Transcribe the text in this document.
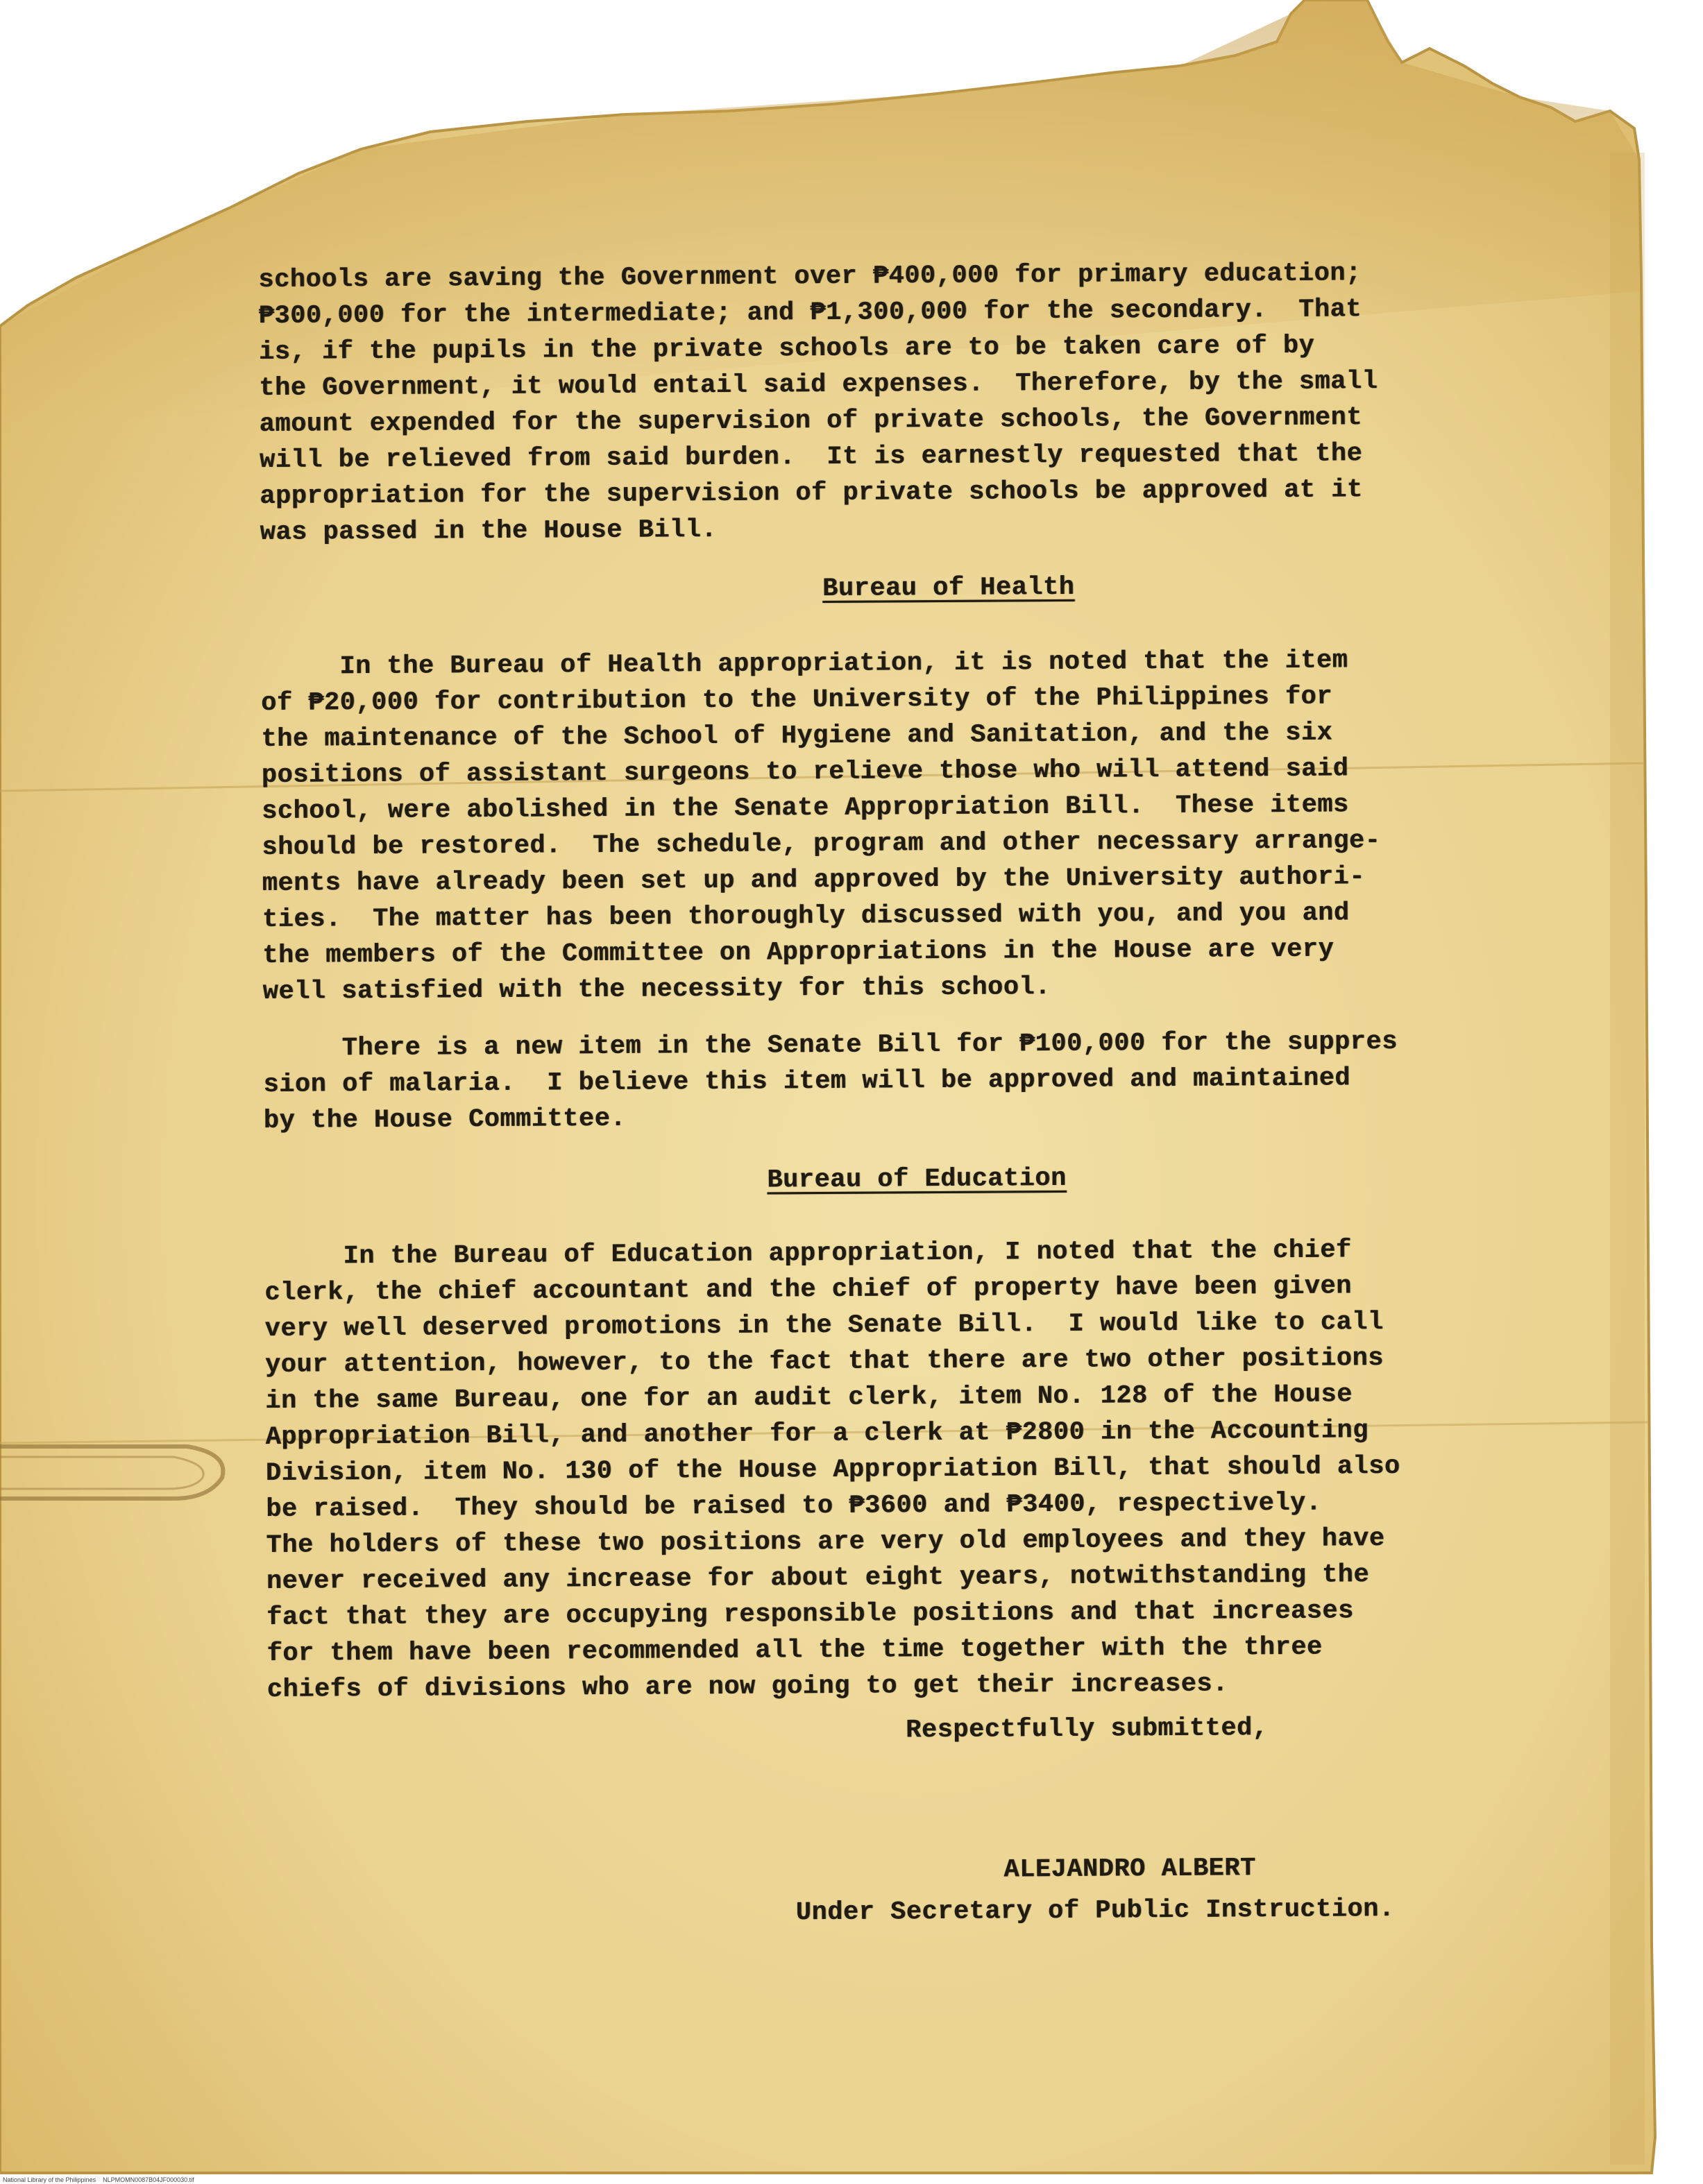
schools are saving the Government over ₱400,000 for primary education;
₱300,000 for the intermediate; and ₱1,300,000 for the secondary.  That
is, if the pupils in the private schools are to be taken care of by
the Government, it would entail said expenses.  Therefore, by the small
amount expended for the supervision of private schools, the Government
will be relieved from said burden.  It is earnestly requested that the
appropriation for the supervision of private schools be approved at it
was passed in the House Bill.
Bureau of Health
In the Bureau of Health appropriation, it is noted that the item
of ₱20,000 for contribution to the University of the Philippines for
the maintenance of the School of Hygiene and Sanitation, and the six
positions of assistant surgeons to relieve those who will attend said
school, were abolished in the Senate Appropriation Bill.  These items
should be restored.  The schedule, program and other necessary arrange-
ments have already been set up and approved by the University authori-
ties.  The matter has been thoroughly discussed with you, and you and
the members of the Committee on Appropriations in the House are very
well satisfied with the necessity for this school.
There is a new item in the Senate Bill for ₱100,000 for the suppres
sion of malaria.  I believe this item will be approved and maintained
by the House Committee.
Bureau of Education
In the Bureau of Education appropriation, I noted that the chief
clerk, the chief accountant and the chief of property have been given
very well deserved promotions in the Senate Bill.  I would like to call
your attention, however, to the fact that there are two other positions
in the same Bureau, one for an audit clerk, item No. 128 of the House
Appropriation Bill, and another for a clerk at ₱2800 in the Accounting
Division, item No. 130 of the House Appropriation Bill, that should also
be raised.  They should be raised to ₱3600 and ₱3400, respectively.
The holders of these two positions are very old employees and they have
never received any increase for about eight years, notwithstanding the
fact that they are occupying responsible positions and that increases
for them have been recommended all the time together with the three
chiefs of divisions who are now going to get their increases.
Respectfully submitted,
ALEJANDRO ALBERT
Under Secretary of Public Instruction.
National Library of the Philippines    NLPMOMN0087B04JF000030.tif
